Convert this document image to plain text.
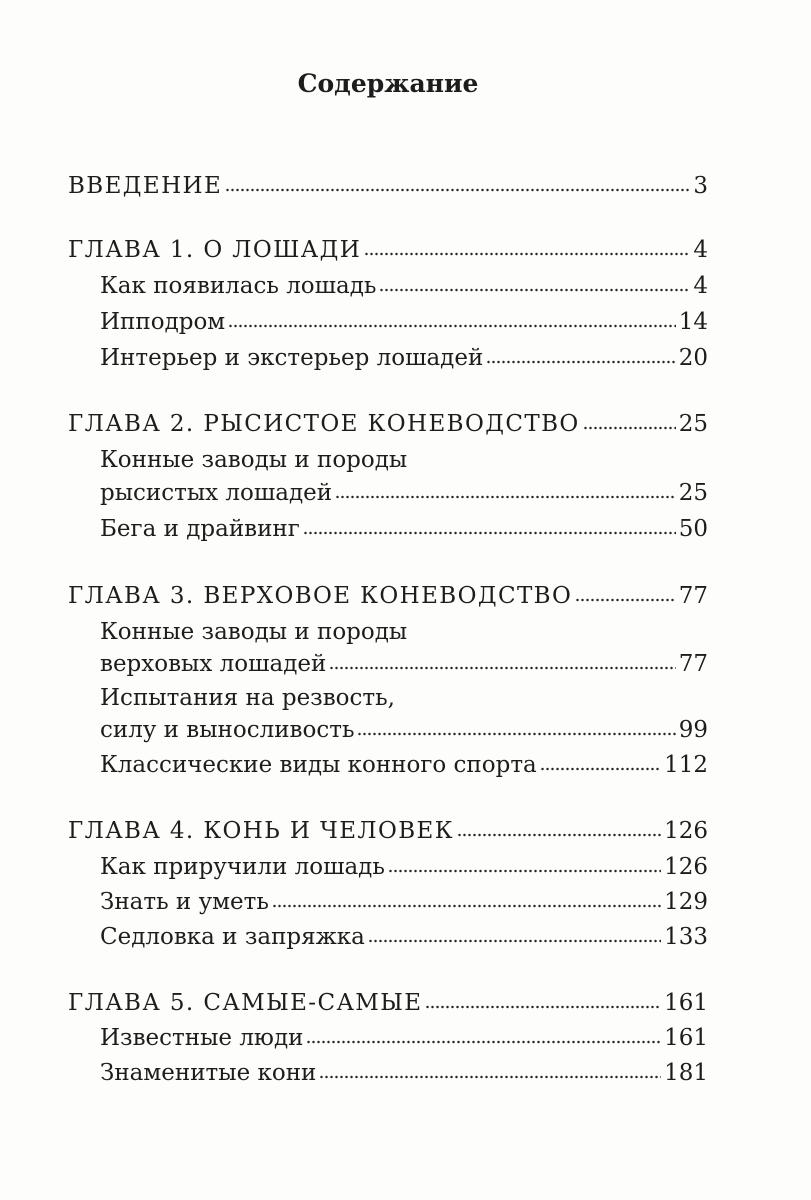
Содержание
ВВЕДЕНИЕ	3
ГЛАВА 1. О ЛОШАДИ	4
Как появилась лошадь	4
Ипподром	14
Интерьер и экстерьер лошадей	20
ГЛАВА 2. РЫСИСТОЕ КОНЕВОДСТВО	25
Конные заводы и породы
рысистых лошадей	25
Бега и драйвинг	50
ГЛАВА 3. ВЕРХОВОЕ КОНЕВОДСТВО	77
Конные заводы и породы
верховых лошадей	77
Испытания на резвость,
силу и выносливость	99
Классические виды конного спорта	112
ГЛАВА 4. КОНЬ И ЧЕЛОВЕК	126
Как приручили лошадь	126
Знать и уметь	129
Седловка и запряжка	133
ГЛАВА 5. САМЫЕ-САМЫЕ	161
Известные люди	161
Знаменитые кони	181
